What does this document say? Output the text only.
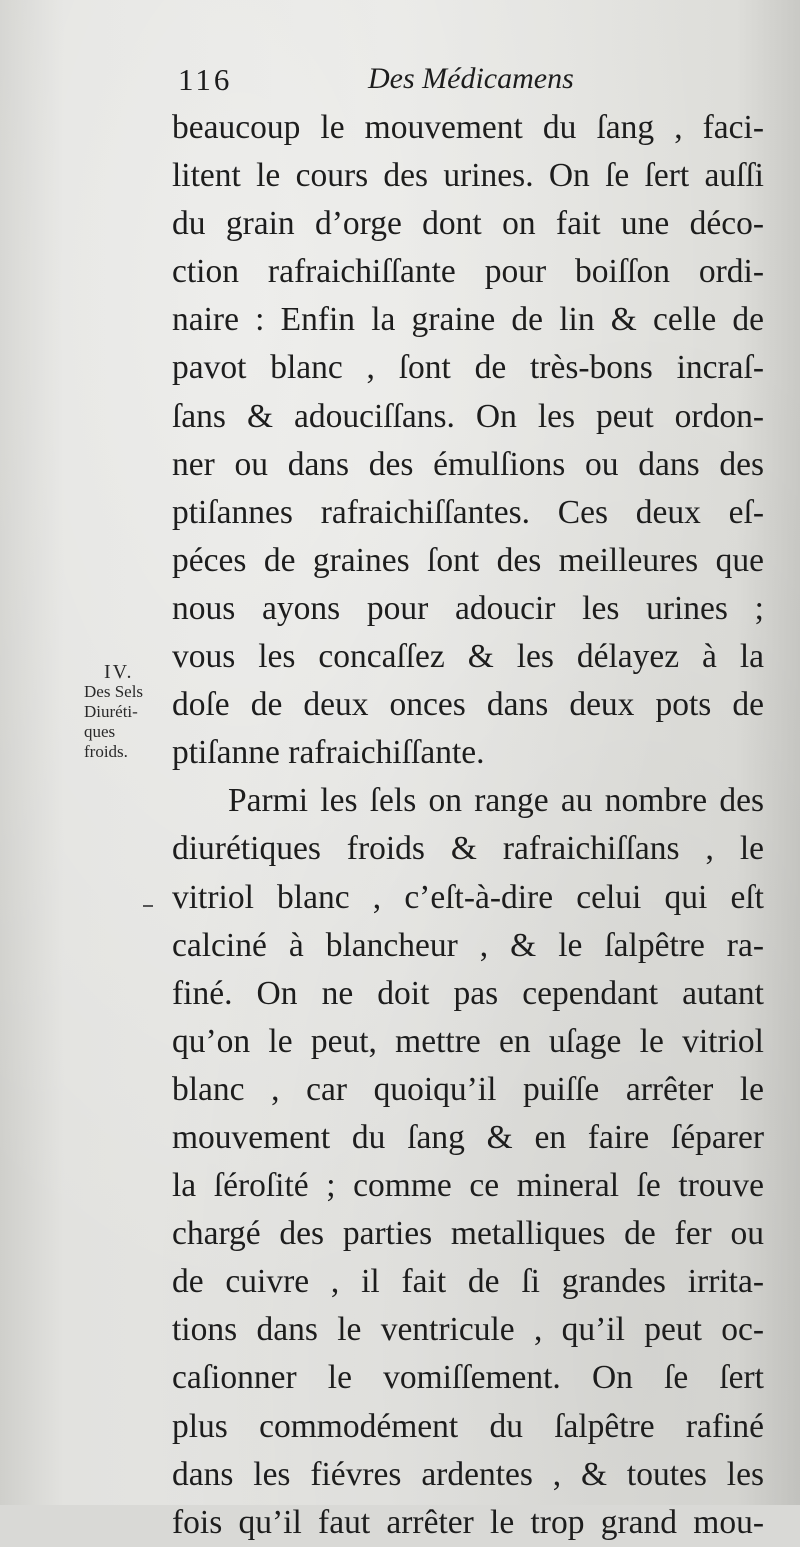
116	Des Médicamens
IV.
Des Sels
Diuréti-
ques
froids.
beaucoup le mouvement du ſang , faci-
litent le cours des urines. On ſe ſert auſſi
du grain d’orge dont on fait une déco-
ction rafraichiſſante pour boiſſon ordi-
naire : Enfin la graine de lin & celle de
pavot blanc , ſont de très-bons incraſ-
ſans & adouciſſans. On les peut ordon-
ner ou dans des émulſions ou dans des
ptiſannes rafraichiſſantes. Ces deux eſ-
péces de graines ſont des meilleures que
nous ayons pour adoucir les urines ;
vous les concaſſez & les délayez à la
doſe de deux onces dans deux pots de
ptiſanne rafraichiſſante.
Parmi les ſels on range au nombre des
diurétiques froids & rafraichiſſans , le
vitriol blanc , c’eſt-à-dire celui qui eſt
calciné à blancheur , & le ſalpêtre ra-
finé. On ne doit pas cependant autant
qu’on le peut, mettre en uſage le vitriol
blanc , car quoiqu’il puiſſe arrêter le
mouvement du ſang & en faire ſéparer
la ſéroſité ; comme ce mineral ſe trouve
chargé des parties metalliques de fer ou
de cuivre , il fait de ſi grandes irrita-
tions dans le ventricule , qu’il peut oc-
caſionner le vomiſſement. On ſe ſert
plus commodément du ſalpêtre rafiné
dans les fiévres ardentes , & toutes les
fois qu’il faut arrêter le trop grand mou-
